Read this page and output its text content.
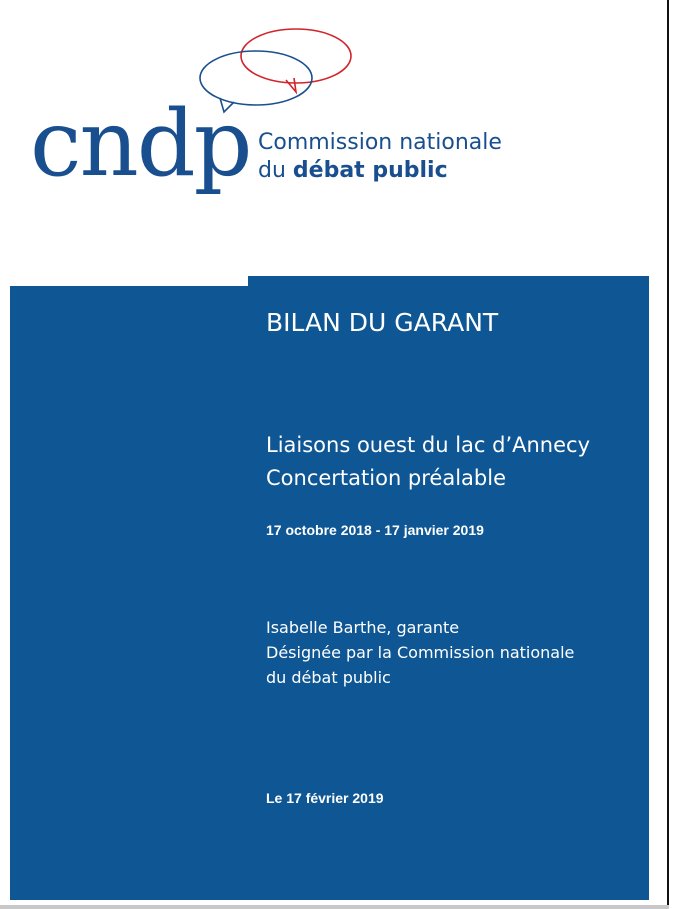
cndp Commission nationale
du débat public
BILAN DU GARANT
Liaisons ouest du lac d’Annecy
Concertation préalable
17 octobre 2018 - 17 janvier 2019
Isabelle Barthe, garante
Désignée par la Commission nationale
du débat public
Le 17 février 2019
